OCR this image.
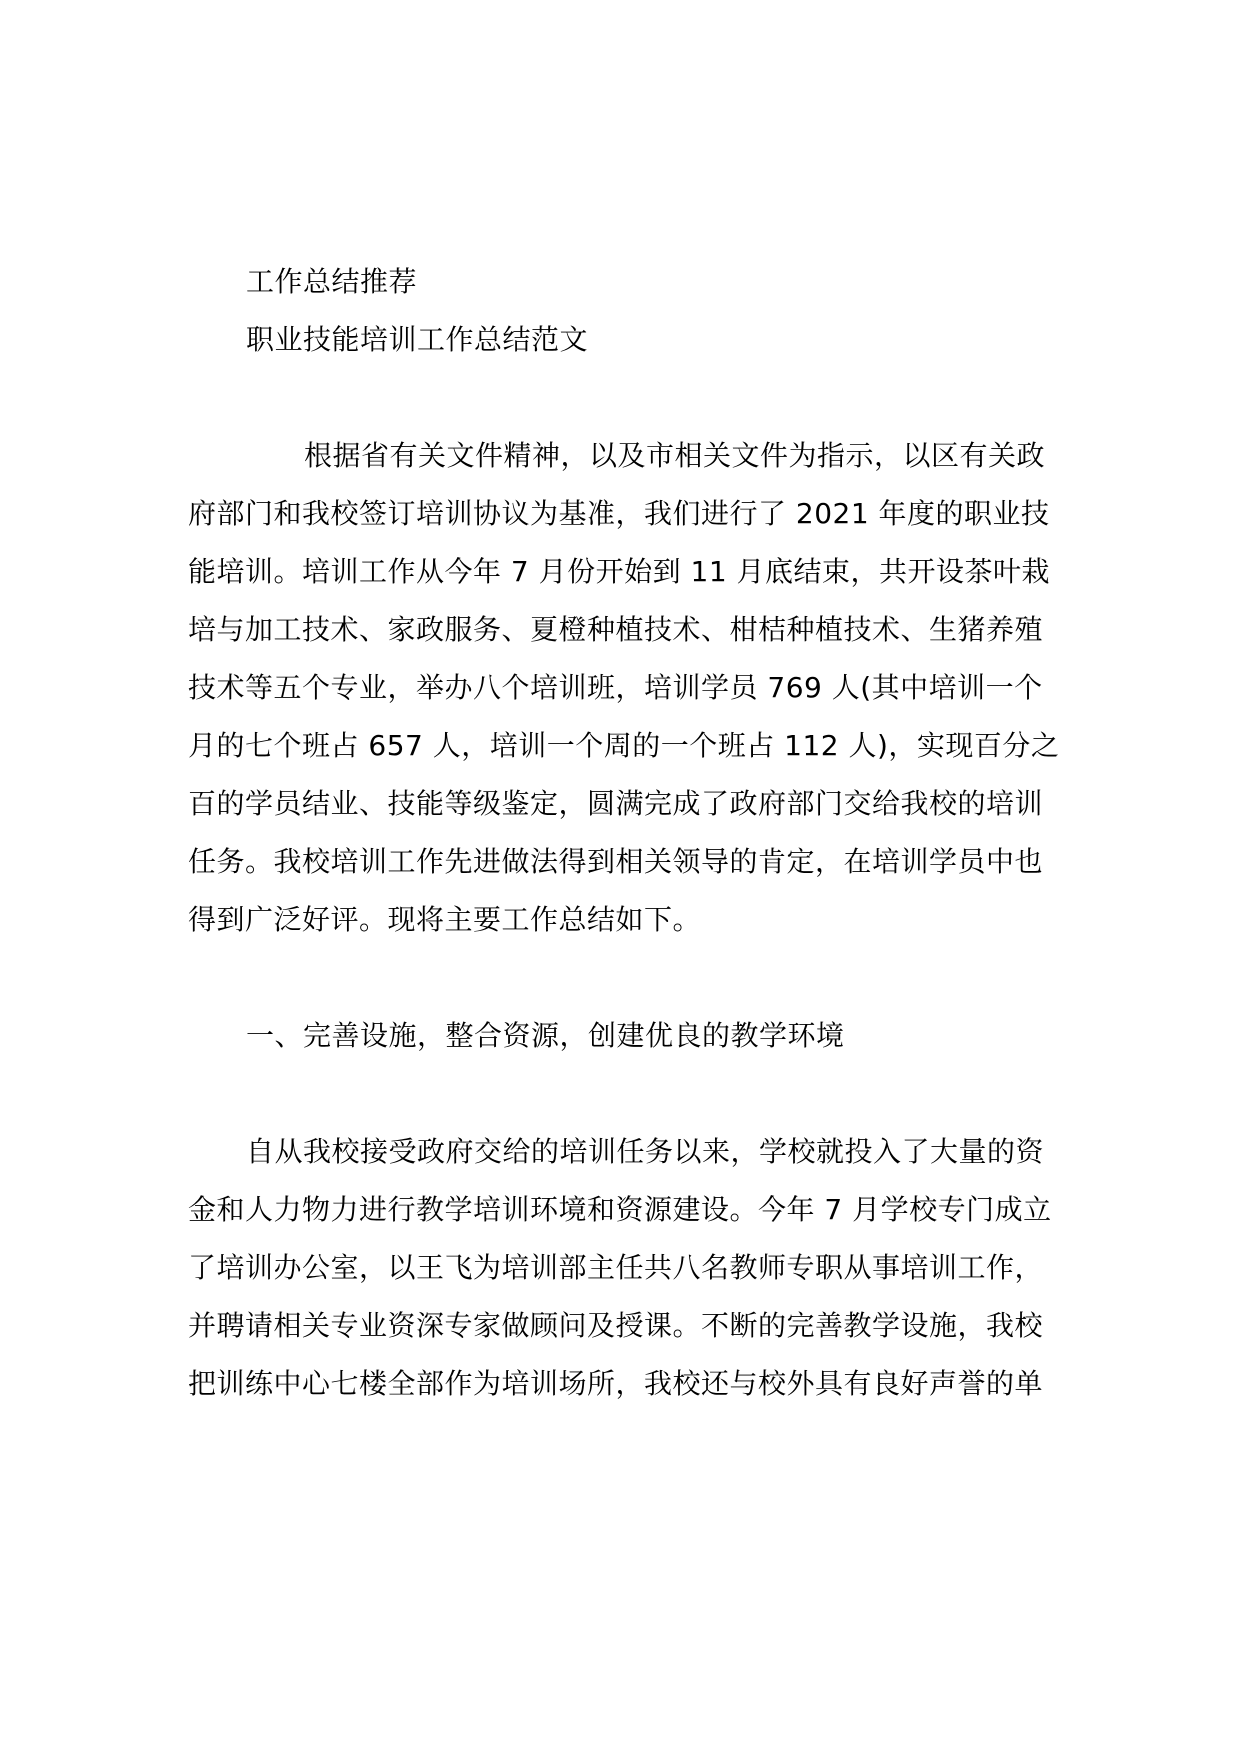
工作总结推荐
职业技能培训工作总结范文
根据省有关文件精神，以及市相关文件为指示，以区有关政
府部门和我校签订培训协议为基准，我们进行了 2021 年度的职业技
能培训。培训工作从今年 7 月份开始到 11 月底结束，共开设茶叶栽
培与加工技术、家政服务、夏橙种植技术、柑桔种植技术、生猪养殖
技术等五个专业，举办八个培训班，培训学员 769 人(其中培训一个
月的七个班占 657 人，培训一个周的一个班占 112 人)，实现百分之
百的学员结业、技能等级鉴定，圆满完成了政府部门交给我校的培训
任务。我校培训工作先进做法得到相关领导的肯定，在培训学员中也
得到广泛好评。现将主要工作总结如下。
一、完善设施，整合资源，创建优良的教学环境
自从我校接受政府交给的培训任务以来，学校就投入了大量的资
金和人力物力进行教学培训环境和资源建设。今年 7 月学校专门成立
了培训办公室，以王飞为培训部主任共八名教师专职从事培训工作，
并聘请相关专业资深专家做顾问及授课。不断的完善教学设施，我校
把训练中心七楼全部作为培训场所，我校还与校外具有良好声誉的单
